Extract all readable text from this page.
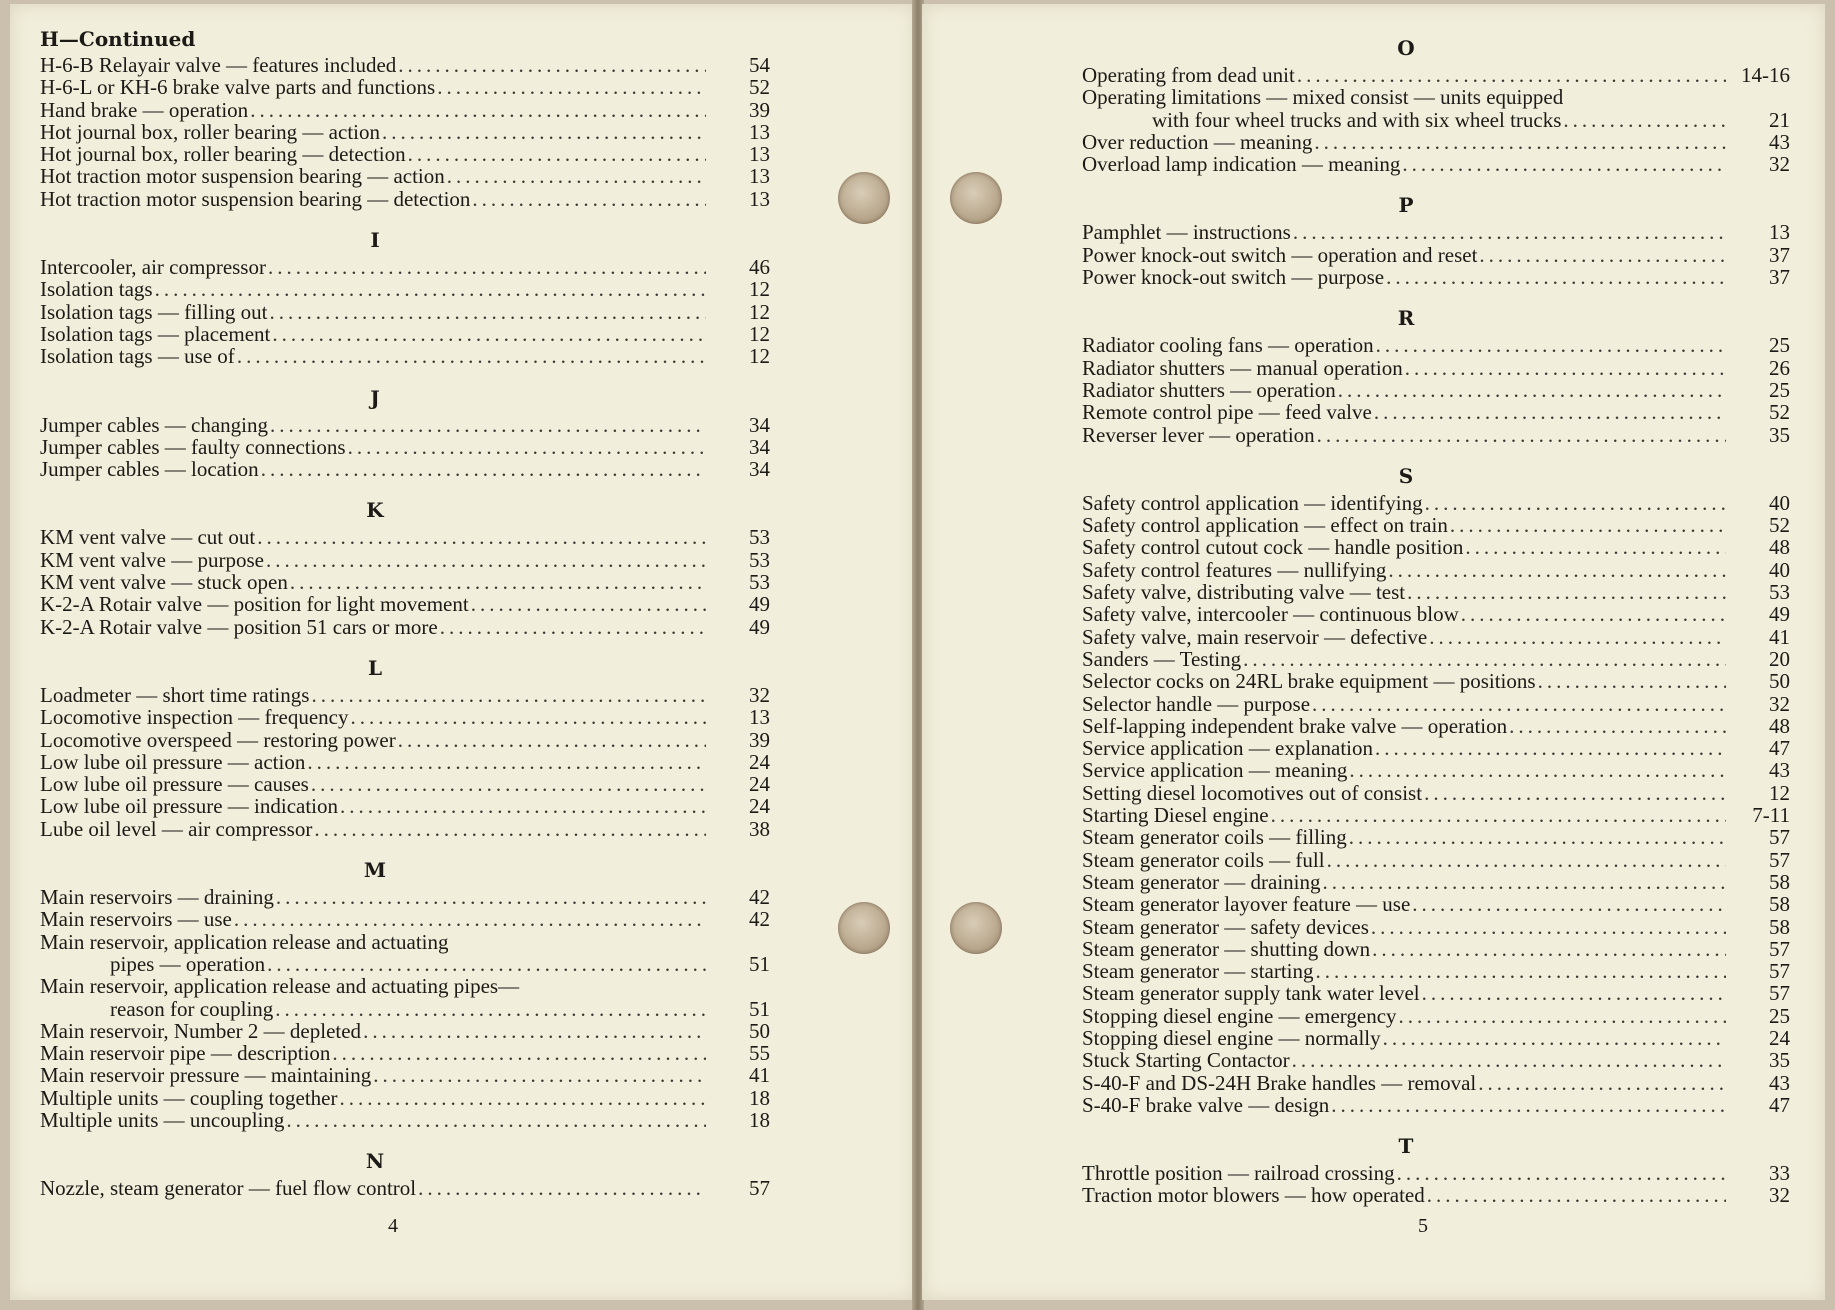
H—Continued
H-6-B Relayair valve — features included .....	54
H-6-L or KH-6 brake valve parts and functions .....	52
Hand brake — operation .....	39
Hot journal box, roller bearing — action .....	13
Hot journal box, roller bearing — detection .....	13
Hot traction motor suspension bearing — action .....	13
Hot traction motor suspension bearing — detection .....	13
I
Intercooler, air compressor .....	46
Isolation tags .....	12
Isolation tags — filling out .....	12
Isolation tags — placement .....	12
Isolation tags — use of .....	12
J
Jumper cables — changing .....	34
Jumper cables — faulty connections .....	34
Jumper cables — location .....	34
K
KM vent valve — cut out .....	53
KM vent valve — purpose .....	53
KM vent valve — stuck open .....	53
K-2-A Rotair valve — position for light movement .....	49
K-2-A Rotair valve — position 51 cars or more .....	49
L
Loadmeter — short time ratings .....	32
Locomotive inspection — frequency .....	13
Locomotive overspeed — restoring power .....	39
Low lube oil pressure — action .....	24
Low lube oil pressure — causes .....	24
Low lube oil pressure — indication .....	24
Lube oil level — air compressor .....	38
M
Main reservoirs — draining .....	42
Main reservoirs — use .....	42
Main reservoir, application release and actuating
pipes — operation .....	51
Main reservoir, application release and actuating pipes—
reason for coupling .....	51
Main reservoir, Number 2 — depleted .....	50
Main reservoir pipe — description .....	55
Main reservoir pressure — maintaining .....	41
Multiple units — coupling together .....	18
Multiple units — uncoupling .....	18
N
Nozzle, steam generator — fuel flow control .....	57
4
O
Operating from dead unit .....	14-16
Operating limitations — mixed consist — units equipped
with four wheel trucks and with six wheel trucks .....	21
Over reduction — meaning .....	43
Overload lamp indication — meaning .....	32
P
Pamphlet — instructions .....	13
Power knock-out switch — operation and reset .....	37
Power knock-out switch — purpose .....	37
R
Radiator cooling fans — operation .....	25
Radiator shutters — manual operation .....	26
Radiator shutters — operation .....	25
Remote control pipe — feed valve .....	52
Reverser lever — operation .....	35
S
Safety control application — identifying .....	40
Safety control application — effect on train .....	52
Safety control cutout cock — handle position .....	48
Safety control features — nullifying .....	40
Safety valve, distributing valve — test .....	53
Safety valve, intercooler — continuous blow .....	49
Safety valve, main reservoir — defective .....	41
Sanders — Testing .....	20
Selector cocks on 24RL brake equipment — positions .....	50
Selector handle — purpose .....	32
Self-lapping independent brake valve — operation .....	48
Service application — explanation .....	47
Service application — meaning .....	43
Setting diesel locomotives out of consist .....	12
Starting Diesel engine .....	7-11
Steam generator coils — filling .....	57
Steam generator coils — full .....	57
Steam generator — draining .....	58
Steam generator layover feature — use .....	58
Steam generator — safety devices .....	58
Steam generator — shutting down .....	57
Steam generator — starting .....	57
Steam generator supply tank water level .....	57
Stopping diesel engine — emergency .....	25
Stopping diesel engine — normally .....	24
Stuck Starting Contactor .....	35
S-40-F and DS-24H Brake handles — removal .....	43
S-40-F brake valve — design .....	47
T
Throttle position — railroad crossing .....	33
Traction motor blowers — how operated .....	32
5
